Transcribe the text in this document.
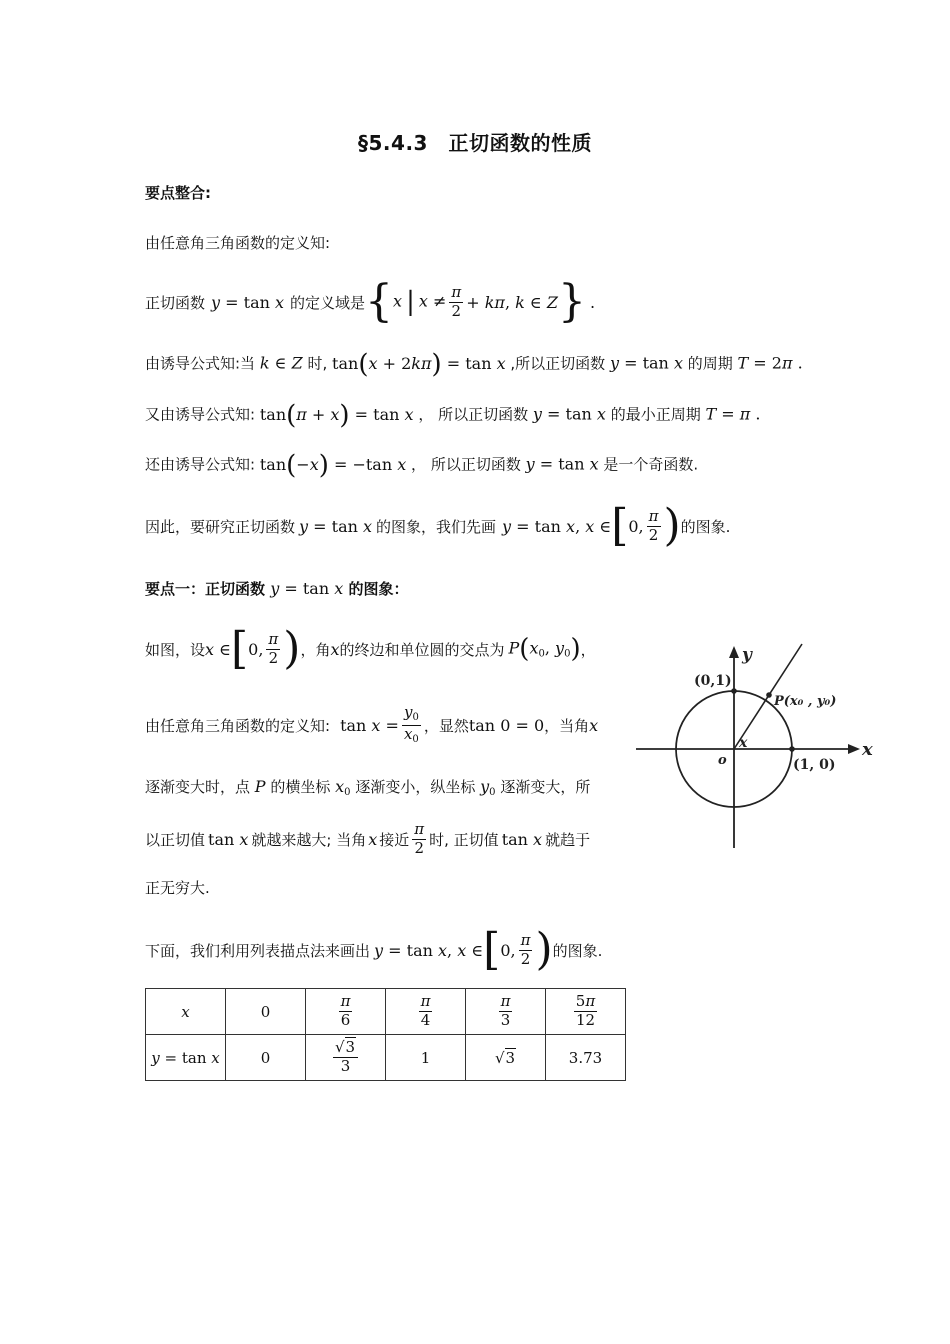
§5.4.3　正切函数的性质
要点整合:
由任意角三角函数的定义知:
正切函数 y = tan x 的定义域是 { x | $x \ne \frac{\pi}{2} + k\pi$, k ∈ Z } .
由诱导公式知:当 k ∈ Z 时, tan(x + 2kπ) = tan x ,所以正切函数 y = tan x 的周期 T = 2π .
又由诱导公式知: tan(π + x) = tan x ， 所以正切函数 y = tan x 的最小正周期 T = π .
还由诱导公式知: tan(−x) = −tan x ， 所以正切函数 y = tan x 是一个奇函数.
因此，要研究正切函数 y = tan x 的图象，我们先画 y = tan x, x ∈ [ 0, $\frac{\pi}{2}$ ) 的图象.
要点一：正切函数 y = tan x 的图象：
如图，设 x ∈ [ 0, $\frac{\pi}{2}$ ) ，角 x 的终边和单位圆的交点为 $P(x_0$, $y_0$) ，
由任意角三角函数的定义知: $\tan x = \frac{y_0}{x_0}$ ，显然 tan 0 = 0 ，当角 x
逐渐变大时，点 P 的横坐标 $x_0$ 逐渐变小，纵坐标 $y_0$ 逐渐变大，所
以正切值 tan x 就越来越大; 当角 x 接近 $\frac{\pi}{2}$ 时, 正切值 tan x 就趋于
正无穷大.
下面，我们利用列表描点法来画出 y = tan x, x ∈ [ 0, $\frac{\pi}{2}$ ) 的图象.
y
x
(0,1)
(1, 0)
o
x
P(x₀ , y₀)
x	0	$\frac{\pi}{6}$	$\frac{\pi}{4}$	$\frac{\pi}{3}$	$\frac{5\pi}{12}$

y = tan x	0	$\frac{√3}{3}$	1	√3	3.73
